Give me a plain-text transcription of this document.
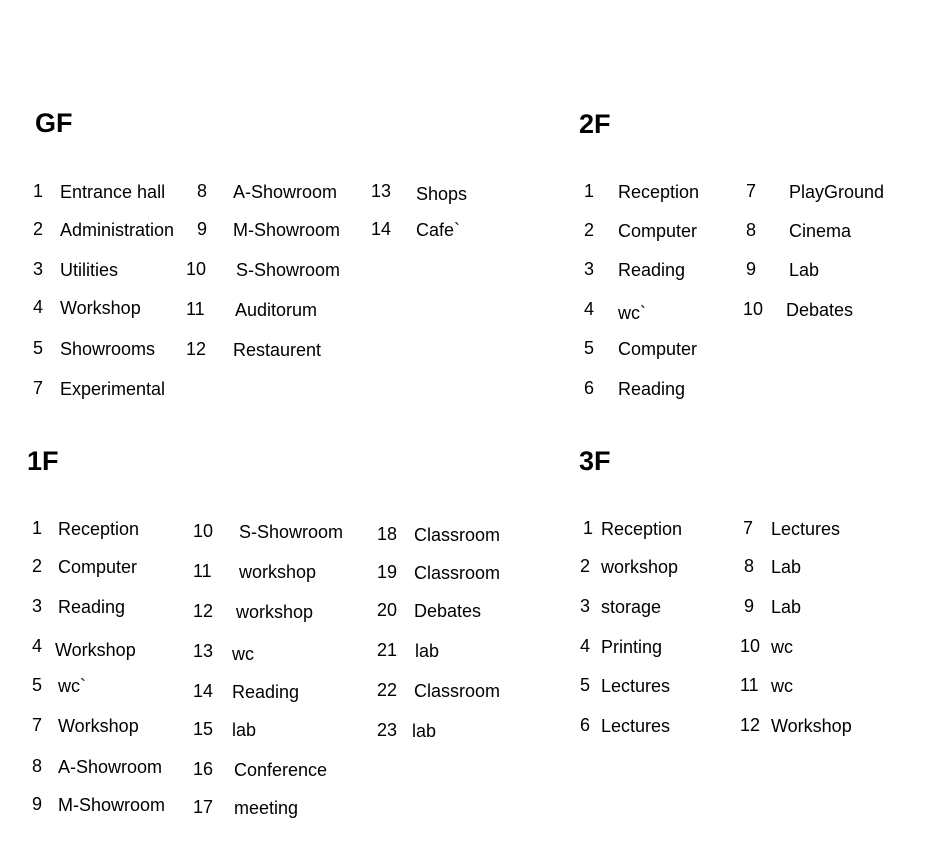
GF
1 Entrance hall
2 Administration
3 Utilities
4 Workshop
5 Showrooms
7 Experimental
8 A-Showroom
9 M-Showroom
10 S-Showroom
11 Auditorum
12 Restaurent
13 Shops
14 Cafe`
2F
1 Reception
2 Computer
3 Reading
4 wc`
5 Computer
6 Reading
7 PlayGround
8 Cinema
9 Lab
10 Debates
1F
1 Reception
2 Computer
3 Reading
4 Workshop
5 wc`
7 Workshop
8 A-Showroom
9 M-Showroom
10 S-Showroom
11 workshop
12 workshop
13 wc
14 Reading
15 lab
16 Conference
17 meeting
18 Classroom
19 Classroom
20 Debates
21 lab
22 Classroom
23 lab
3F
1 Reception
2 workshop
3 storage
4 Printing
5 Lectures
6 Lectures
7 Lectures
8 Lab
9 Lab
10 wc
11 wc
12 Workshop
